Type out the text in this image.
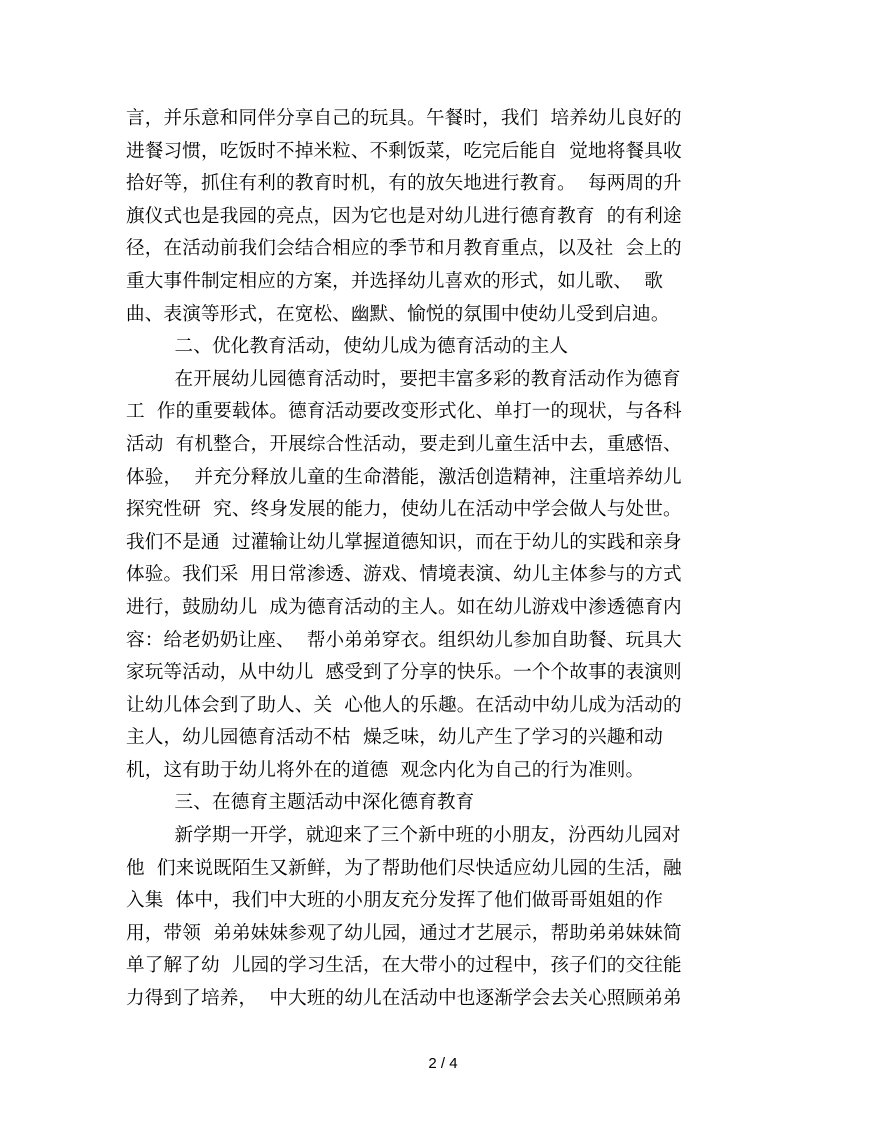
言，并乐意和同伴分享自己的玩具。午餐时，我们  培养幼儿良好的
进餐习惯，吃饭时不掉米粒、不剩饭菜，吃完后能自  觉地将餐具收
拾好等，抓住有利的教育时机，有的放矢地进行教育。  每两周的升
旗仪式也是我园的亮点，因为它也是对幼儿进行德育教育  的有利途
径，在活动前我们会结合相应的季节和月教育重点，以及社  会上的
重大事件制定相应的方案，并选择幼儿喜欢的形式，如儿歌、  歌
曲、表演等形式，在宽松、幽默、愉悦的氛围中使幼儿受到启迪。
二、优化教育活动，使幼儿成为德育活动的主人
在开展幼儿园德育活动时，要把丰富多彩的教育活动作为德育
工  作的重要载体。德育活动要改变形式化、单打一的现状，与各科
活动  有机整合，开展综合性活动，要走到儿童生活中去，重感悟、
体验，  并充分释放儿童的生命潜能，激活创造精神，注重培养幼儿
探究性研  究、终身发展的能力，使幼儿在活动中学会做人与处世。
我们不是通  过灌输让幼儿掌握道德知识，而在于幼儿的实践和亲身
体验。我们采  用日常渗透、游戏、情境表演、幼儿主体参与的方式
进行，鼓励幼儿  成为德育活动的主人。如在幼儿游戏中渗透德育内
容：给老奶奶让座、  帮小弟弟穿衣。组织幼儿参加自助餐、玩具大
家玩等活动，从中幼儿  感受到了分享的快乐。一个个故事的表演则
让幼儿体会到了助人、关  心他人的乐趣。在活动中幼儿成为活动的
主人，幼儿园德育活动不枯  燥乏味，幼儿产生了学习的兴趣和动
机，这有助于幼儿将外在的道德  观念内化为自己的行为准则。
三、在德育主题活动中深化德育教育
新学期一开学，就迎来了三个新中班的小朋友，汾西幼儿园对
他  们来说既陌生又新鲜，为了帮助他们尽快适应幼儿园的生活，融
入集  体中，我们中大班的小朋友充分发挥了他们做哥哥姐姐的作
用，带领  弟弟妹妹参观了幼儿园，通过才艺展示，帮助弟弟妹妹简
单了解了幼  儿园的学习生活，在大带小的过程中，孩子们的交往能
力得到了培养，  中大班的幼儿在活动中也逐渐学会去关心照顾弟弟
2 / 4
